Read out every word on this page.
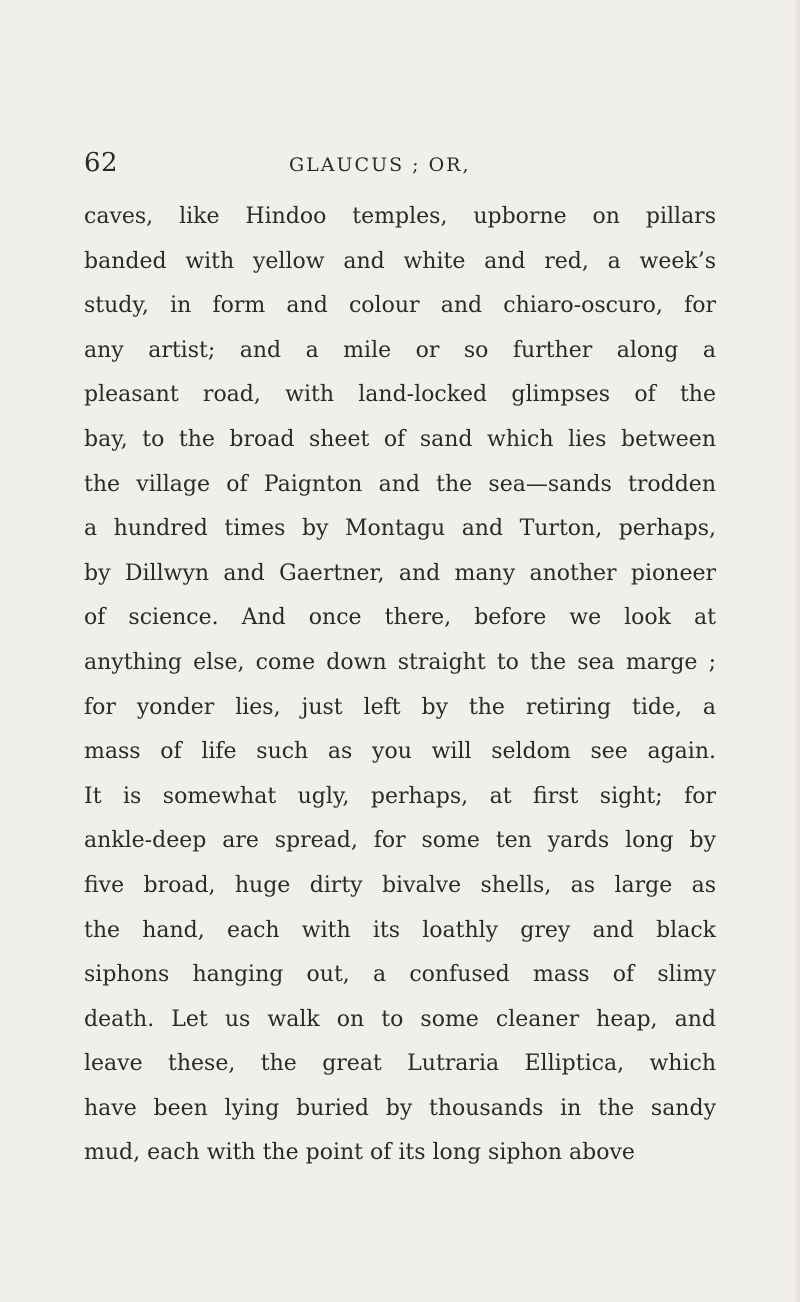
62	GLAUCUS ; OR,
caves, like Hindoo temples, upborne on pillars
banded with yellow and white and red, a week’s
study, in form and colour and chiaro-oscuro, for
any artist; and a mile or so further along a
pleasant road, with land-locked glimpses of the
bay, to the broad sheet of sand which lies between
the village of Paignton and the sea—sands trodden
a hundred times by Montagu and Turton, perhaps,
by Dillwyn and Gaertner, and many another pioneer
of science. And once there, before we look at
anything else, come down straight to the sea marge ;
for yonder lies, just left by the retiring tide, a
mass of life such as you will seldom see again.
It is somewhat ugly, perhaps, at first sight; for
ankle-deep are spread, for some ten yards long by
five broad, huge dirty bivalve shells, as large as
the hand, each with its loathly grey and black
siphons hanging out, a confused mass of slimy
death. Let us walk on to some cleaner heap, and
leave these, the great Lutraria Elliptica, which
have been lying buried by thousands in the sandy
mud, each with the point of its long siphon above
